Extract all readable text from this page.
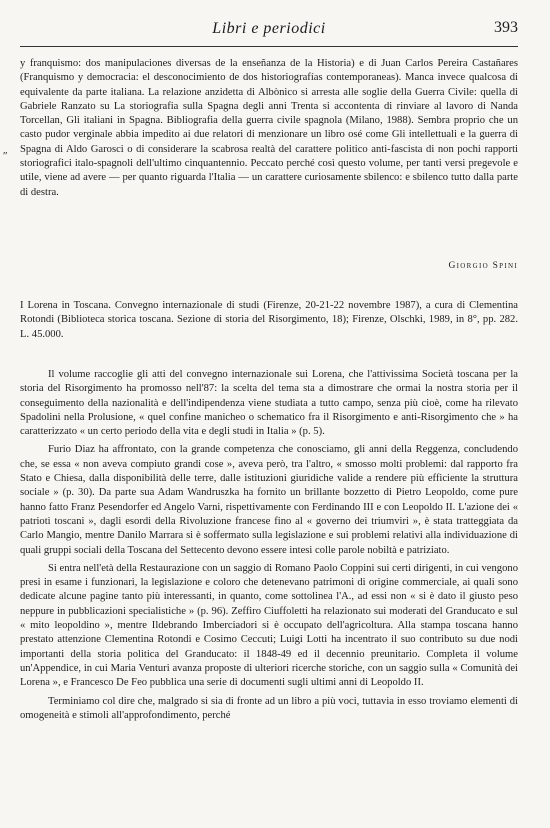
Libri e periodici	393
″

y franquismo: dos manipulaciones diversas de la enseñanza de la Historia) e di Juan Carlos Pereira Castañares (Franquismo y democracia: el desconocimiento de dos historiografías contemporaneas). Manca invece qualcosa di equivalente da parte italiana. La relazione anzidetta di Albònico si arresta alle soglie della Guerra Civile: quella di Gabriele Ranzato su La storiografia sulla Spagna degli anni Trenta si accontenta di rinviare al lavoro di Nanda Torcellan, Gli italiani in Spagna. Bibliografia della guerra civile spagnola (Milano, 1988). Sembra proprio che un casto pudor verginale abbia impedito ai due relatori di menzionare un libro osé come Gli intellettuali e la guerra di Spagna di Aldo Garosci o di considerare la scabrosa realtà del carattere politico anti-fascista di non pochi rapporti storiografici italo-spagnoli dell'ultimo cinquantennio. Peccato perché così questo volume, per tanti versi pregevole e utile, viene ad avere — per quanto riguarda l'Italia — un carattere curiosamente sbilenco: e sbilenco tutto dalla parte di destra.

Giorgio Spini

I Lorena in Toscana. Convegno internazionale di studi (Firenze, 20-21-22 novembre 1987), a cura di Clementina Rotondi (Biblioteca storica toscana. Sezione di storia del Risorgimento, 18); Firenze, Olschki, 1989, in 8°, pp. 282. L. 45.000.

Il volume raccoglie gli atti del convegno internazionale sui Lorena, che l'attivissima Società toscana per la storia del Risorgimento ha promosso nell'87: la scelta del tema sta a dimostrare che ormai la nostra storia per il conseguimento della nazionalità e dell'indipendenza viene studiata a tutto campo, senza più cioè, come ha rilevato Spadolini nella Prolusione, « quel confine manicheo o schematico fra il Risorgimento e anti-Risorgimento che » ha caratterizzato « un certo periodo della vita e degli studi in Italia » (p. 5).

Furio Diaz ha affrontato, con la grande competenza che conosciamo, gli anni della Reggenza, concludendo che, se essa « non aveva compiuto grandi cose », aveva però, tra l'altro, « smosso molti problemi: dal rapporto fra Stato e Chiesa, dalla disponibilità delle terre, dalle istituzioni giuridiche valide a rendere più efficiente la struttura sociale » (p. 30). Da parte sua Adam Wandruszka ha fornito un brillante bozzetto di Pietro Leopoldo, come pure hanno fatto Franz Pesendorfer ed Angelo Varni, rispettivamente con Ferdinando III e con Leopoldo II. L'azione dei « patrioti toscani », dagli esordi della Rivoluzione francese fino al « governo dei triumviri », è stata tratteggiata da Carlo Mangio, mentre Danilo Marrara si è soffermato sulla legislazione e sui problemi relativi alla individuazione di quali gruppi sociali della Toscana del Settecento devono essere intesi colle parole nobiltà e patriziato.

Si entra nell'età della Restaurazione con un saggio di Romano Paolo Coppini sui certi dirigenti, in cui vengono presi in esame i funzionari, la legislazione e coloro che detenevano patrimoni di origine commerciale, ai quali sono dedicate alcune pagine tanto più interessanti, in quanto, come sottolinea l'A., ad essi non « si è dato il giusto peso neppure in pubblicazioni specialistiche » (p. 96). Zeffiro Ciuffoletti ha relazionato sui moderati del Granducato e sul « mito leopoldino », mentre Ildebrando Imberciadori si è occupato dell'agricoltura. Alla stampa toscana hanno prestato attenzione Clementina Rotondi e Cosimo Ceccuti; Luigi Lotti ha incentrato il suo contributo su due nodi importanti della storia politica del Granducato: il 1848-49 ed il decennio preunitario. Completa il volume un'Appendice, in cui Maria Venturi avanza proposte di ulteriori ricerche storiche, con un saggio sulla « Comunità dei Lorena », e Francesco De Feo pubblica una serie di documenti sugli ultimi anni di Leopoldo II.

Terminiamo col dire che, malgrado si sia di fronte ad un libro a più voci, tuttavia in esso troviamo elementi di omogeneità e stimoli all'approfondimento, perché
